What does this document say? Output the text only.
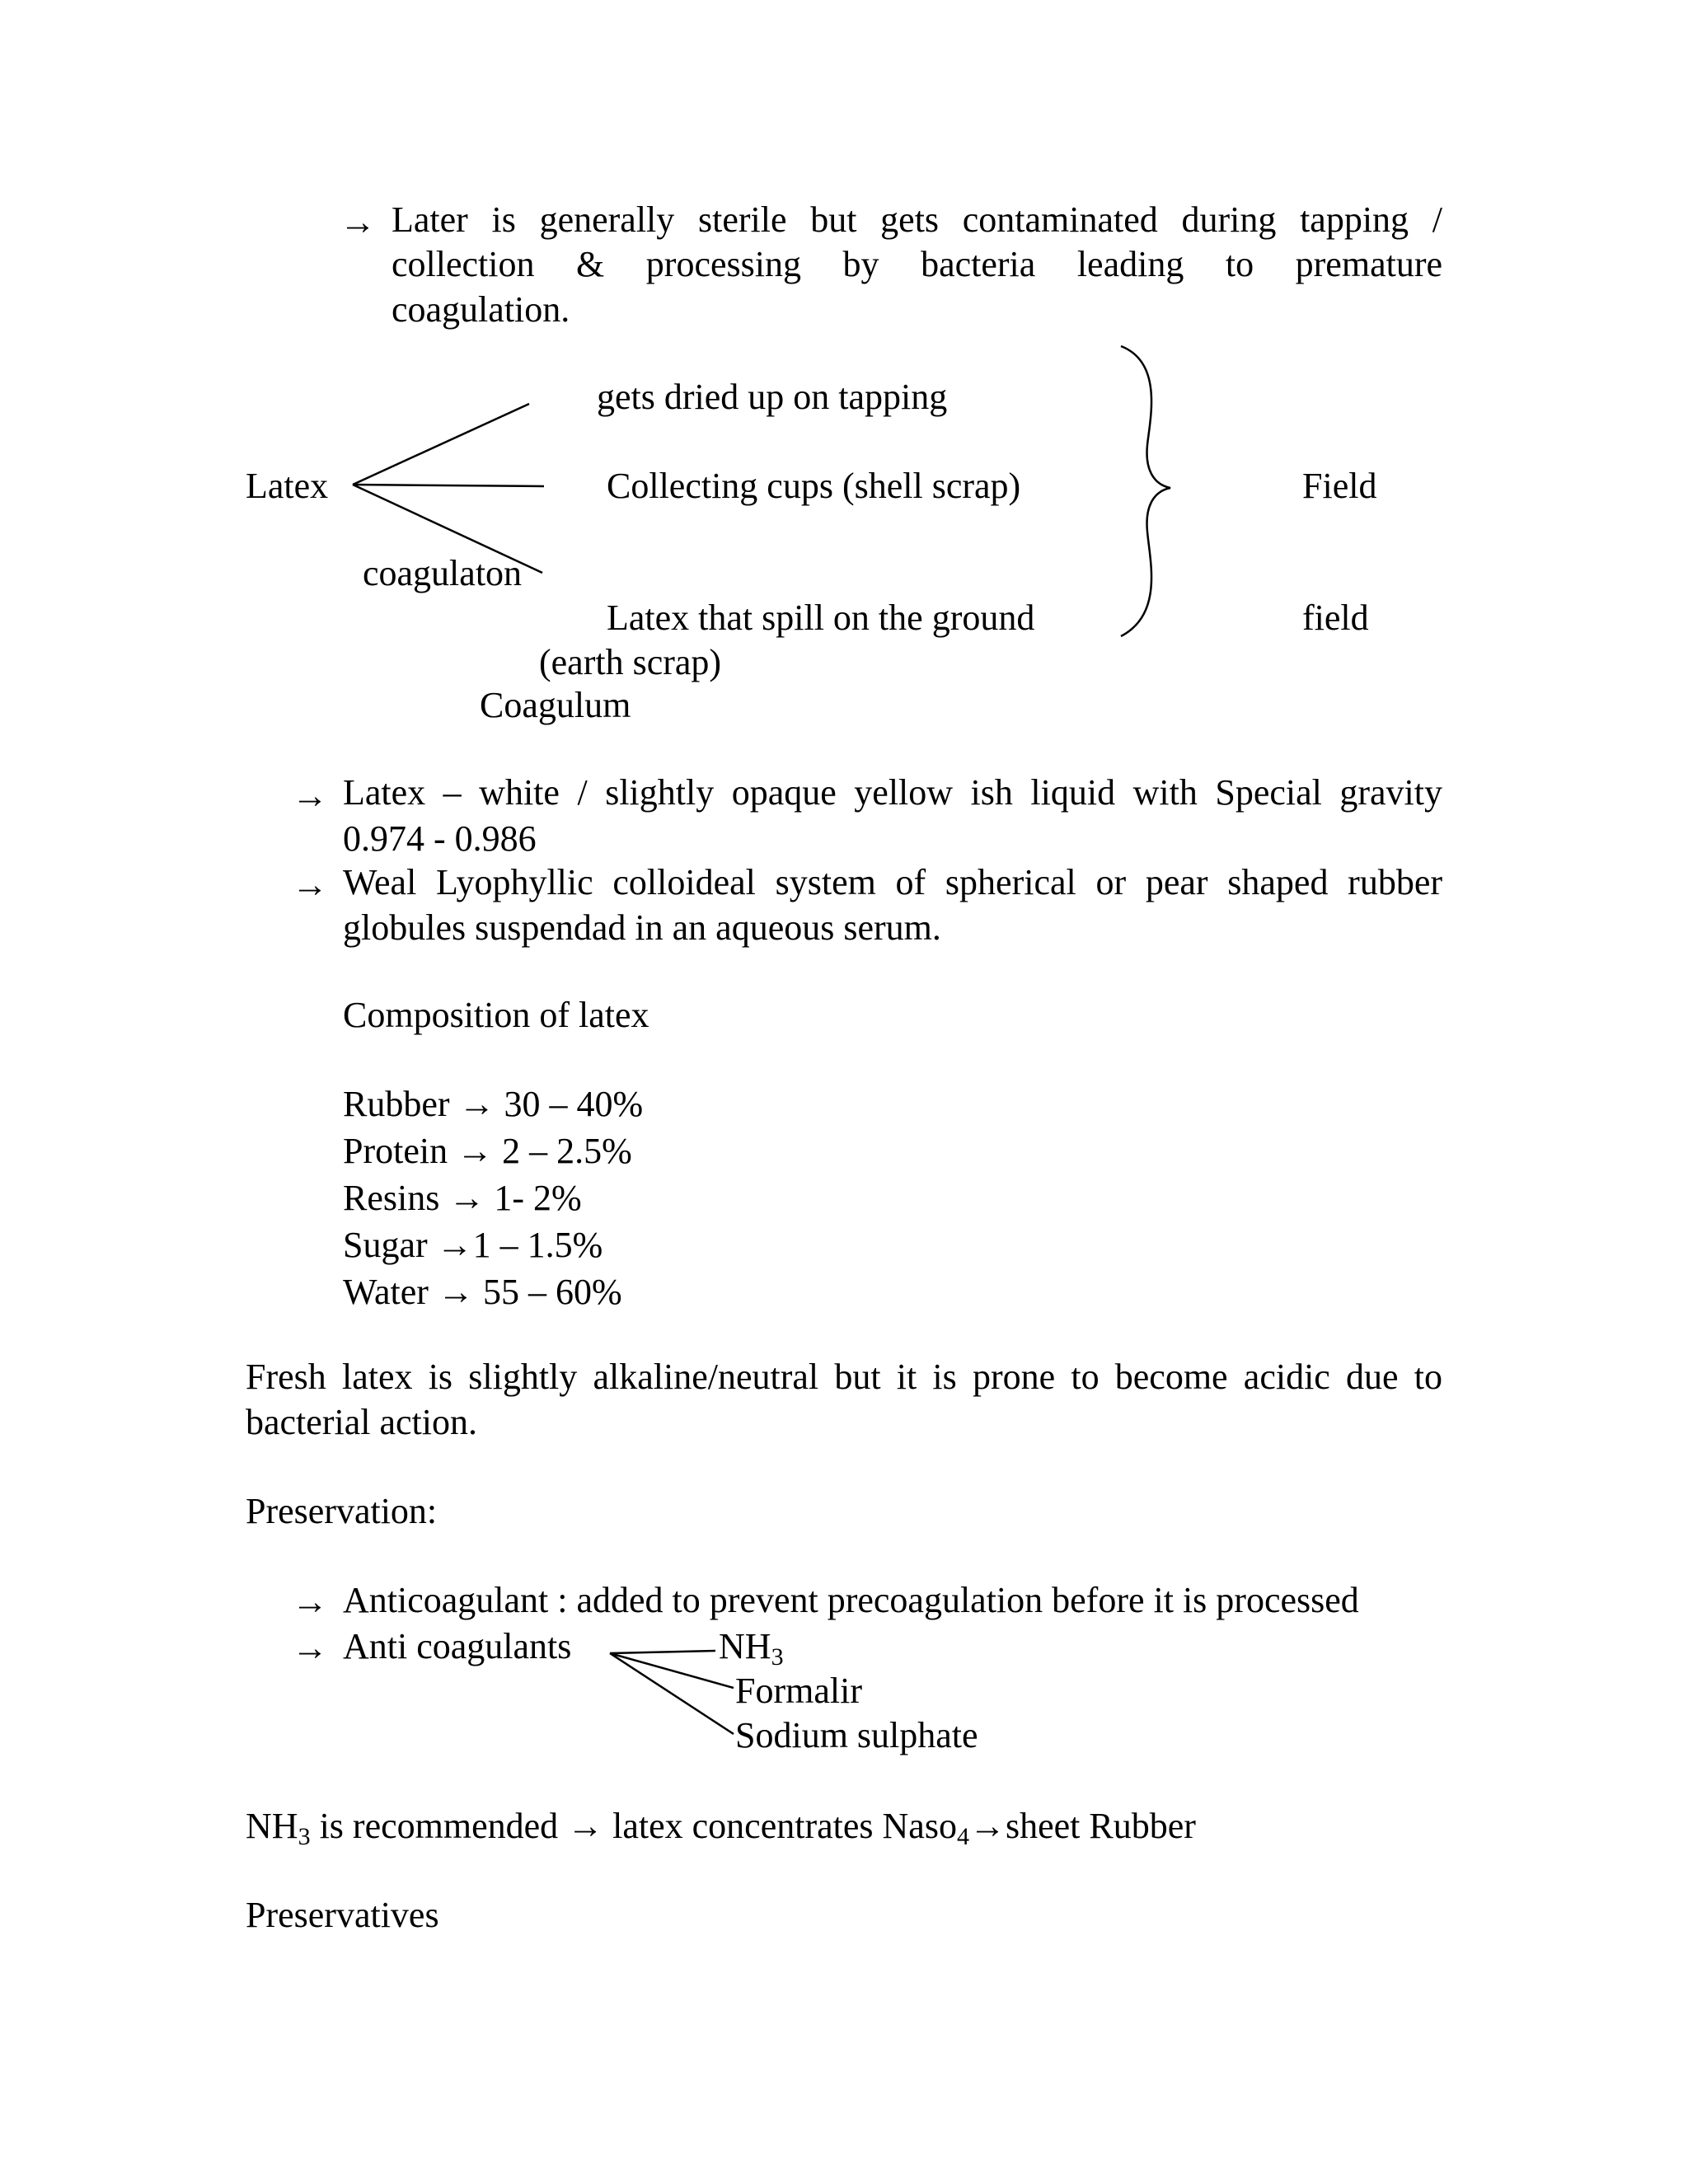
→ Later is generally sterile but gets contaminated during tapping /
collection & processing by bacteria leading to premature
coagulation.
Latex
gets dried up on tapping
Collecting cups (shell scrap)
coagulaton
Latex that spill on the ground
(earth scrap)
Coagulum
Field
field
→ Latex – white / slightly opaque yellow ish liquid with Special gravity
0.974 - 0.986
→ Weal Lyophyllic colloideal system of spherical or pear shaped rubber
globules suspendad in an aqueous serum.
Composition of latex
Rubber → 30 – 40%
Protein → 2 – 2.5%
Resins → 1- 2%
Sugar →1 – 1.5%
Water → 55 – 60%
Fresh latex is slightly alkaline/neutral but it is prone to become acidic due to
bacterial action.
Preservation:
→ Anticoagulant : added to prevent precoagulation before it is processed
→ Anti coagulants	$NH_3$
Formalir
Sodium sulphate
$NH_3$ is recommended → latex concentrates Naso$_4$→sheet Rubber
Preservatives
